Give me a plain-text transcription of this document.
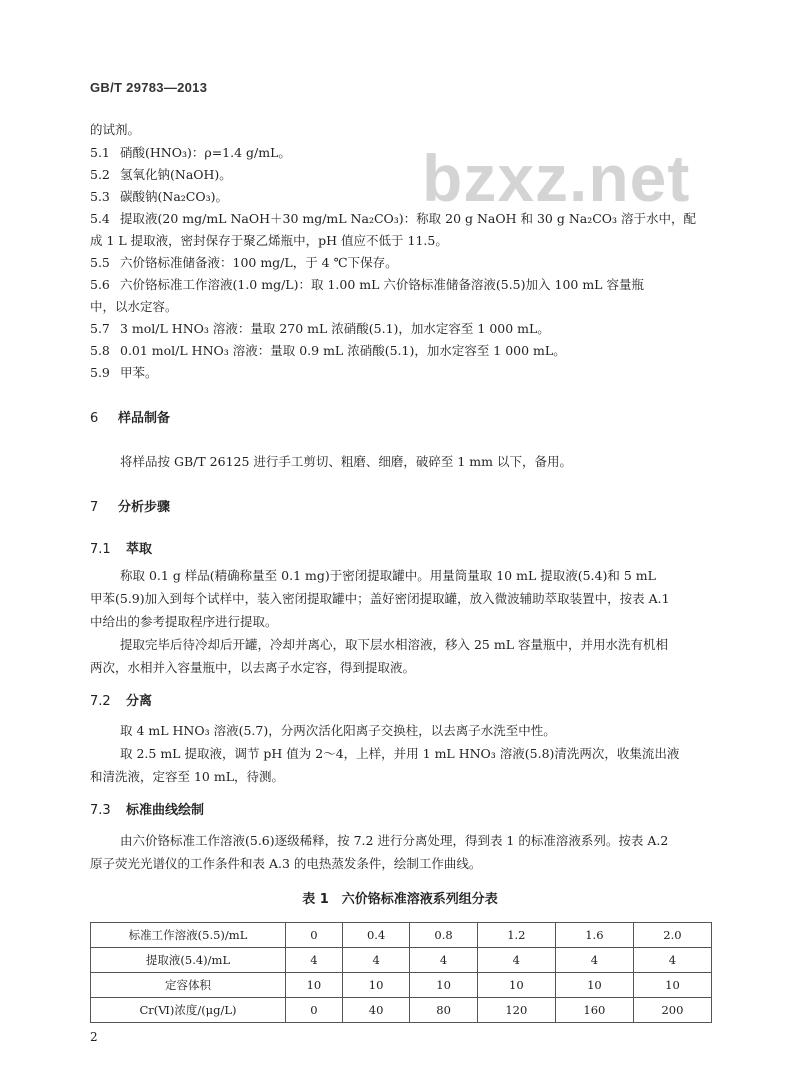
GB/T 29783—2013
bzxz.net
的试剂。
5.1 硝酸(HNO₃)：ρ=1.4 g/mL。
5.2 氢氧化钠(NaOH)。
5.3 碳酸钠(Na₂CO₃)。
5.4 提取液(20 mg/mL NaOH＋30 mg/mL Na₂CO₃)：称取 20 g NaOH 和 30 g Na₂CO₃ 溶于水中，配
成 1 L 提取液，密封保存于聚乙烯瓶中，pH 值应不低于 11.5。
5.5 六价铬标准储备液：100 mg/L，于 4 ℃下保存。
5.6 六价铬标准工作溶液(1.0 mg/L)：取 1.00 mL 六价铬标准储备溶液(5.5)加入 100 mL 容量瓶
中，以水定容。
5.7 3 mol/L HNO₃ 溶液：量取 270 mL 浓硝酸(5.1)，加水定容至 1 000 mL。
5.8 0.01 mol/L HNO₃ 溶液：量取 0.9 mL 浓硝酸(5.1)，加水定容至 1 000 mL。
5.9 甲苯。
6 样品制备
将样品按 GB/T 26125 进行手工剪切、粗磨、细磨，破碎至 1 mm 以下，备用。
7 分析步骤
7.1 萃取
称取 0.1 g 样品(精确称量至 0.1 mg)于密闭提取罐中。用量筒量取 10 mL 提取液(5.4)和 5 mL
甲苯(5.9)加入到每个试样中，装入密闭提取罐中；盖好密闭提取罐，放入微波辅助萃取装置中，按表 A.1
中给出的参考提取程序进行提取。
提取完毕后待冷却后开罐，冷却并离心，取下层水相溶液，移入 25 mL 容量瓶中，并用水洗有机相
两次，水相并入容量瓶中，以去离子水定容，得到提取液。
7.2 分离
取 4 mL HNO₃ 溶液(5.7)，分两次活化阳离子交换柱，以去离子水洗至中性。
取 2.5 mL 提取液，调节 pH 值为 2～4，上样，并用 1 mL HNO₃ 溶液(5.8)清洗两次，收集流出液
和清洗液，定容至 10 mL，待测。
7.3 标准曲线绘制
由六价铬标准工作溶液(5.6)逐级稀释，按 7.2 进行分离处理，得到表 1 的标准溶液系列。按表 A.2
原子荧光光谱仪的工作条件和表 A.3 的电热蒸发条件，绘制工作曲线。
表 1　六价铬标准溶液系列组分表
标准工作溶液(5.5)/mL	0	0.4	0.8	1.2	1.6	2.0
提取液(5.4)/mL	4	4	4	4	4	4
定容体积	10	10	10	10	10	10
Cr(Ⅵ)浓度/(μg/L)	0	40	80	120	160	200
2
